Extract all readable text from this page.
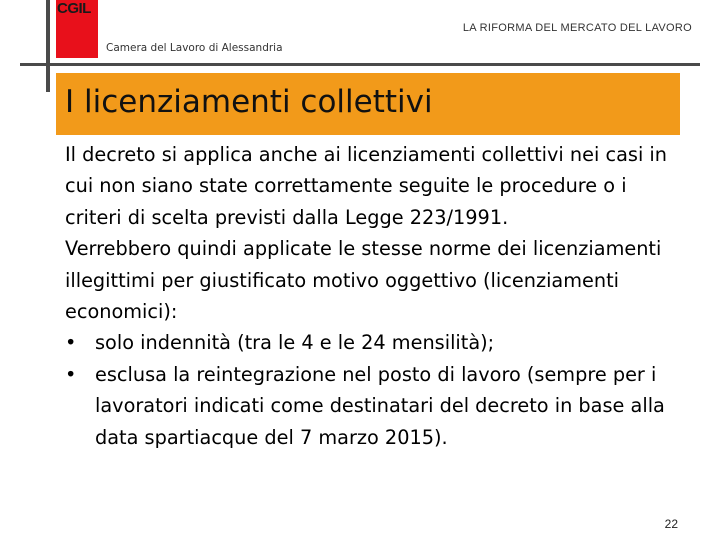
CGIL
Camera del Lavoro di Alessandria
LA RIFORMA DEL MERCATO DEL LAVORO
I licenziamenti collettivi

Il decreto si applica anche ai licenziamenti collettivi nei casi in cui non siano state correttamente seguite le procedure o i criteri di scelta previsti dalla Legge 223/1991.

Verrebbero quindi applicate le stesse norme dei licenziamenti illegittimi per giustificato motivo oggettivo (licenziamenti economici):

• solo indennità (tra le 4 e le 24 mensilità);
• esclusa la reintegrazione nel posto di lavoro (sempre per i lavoratori indicati come destinatari del decreto in base alla data spartiacque del 7 marzo 2015).
22
